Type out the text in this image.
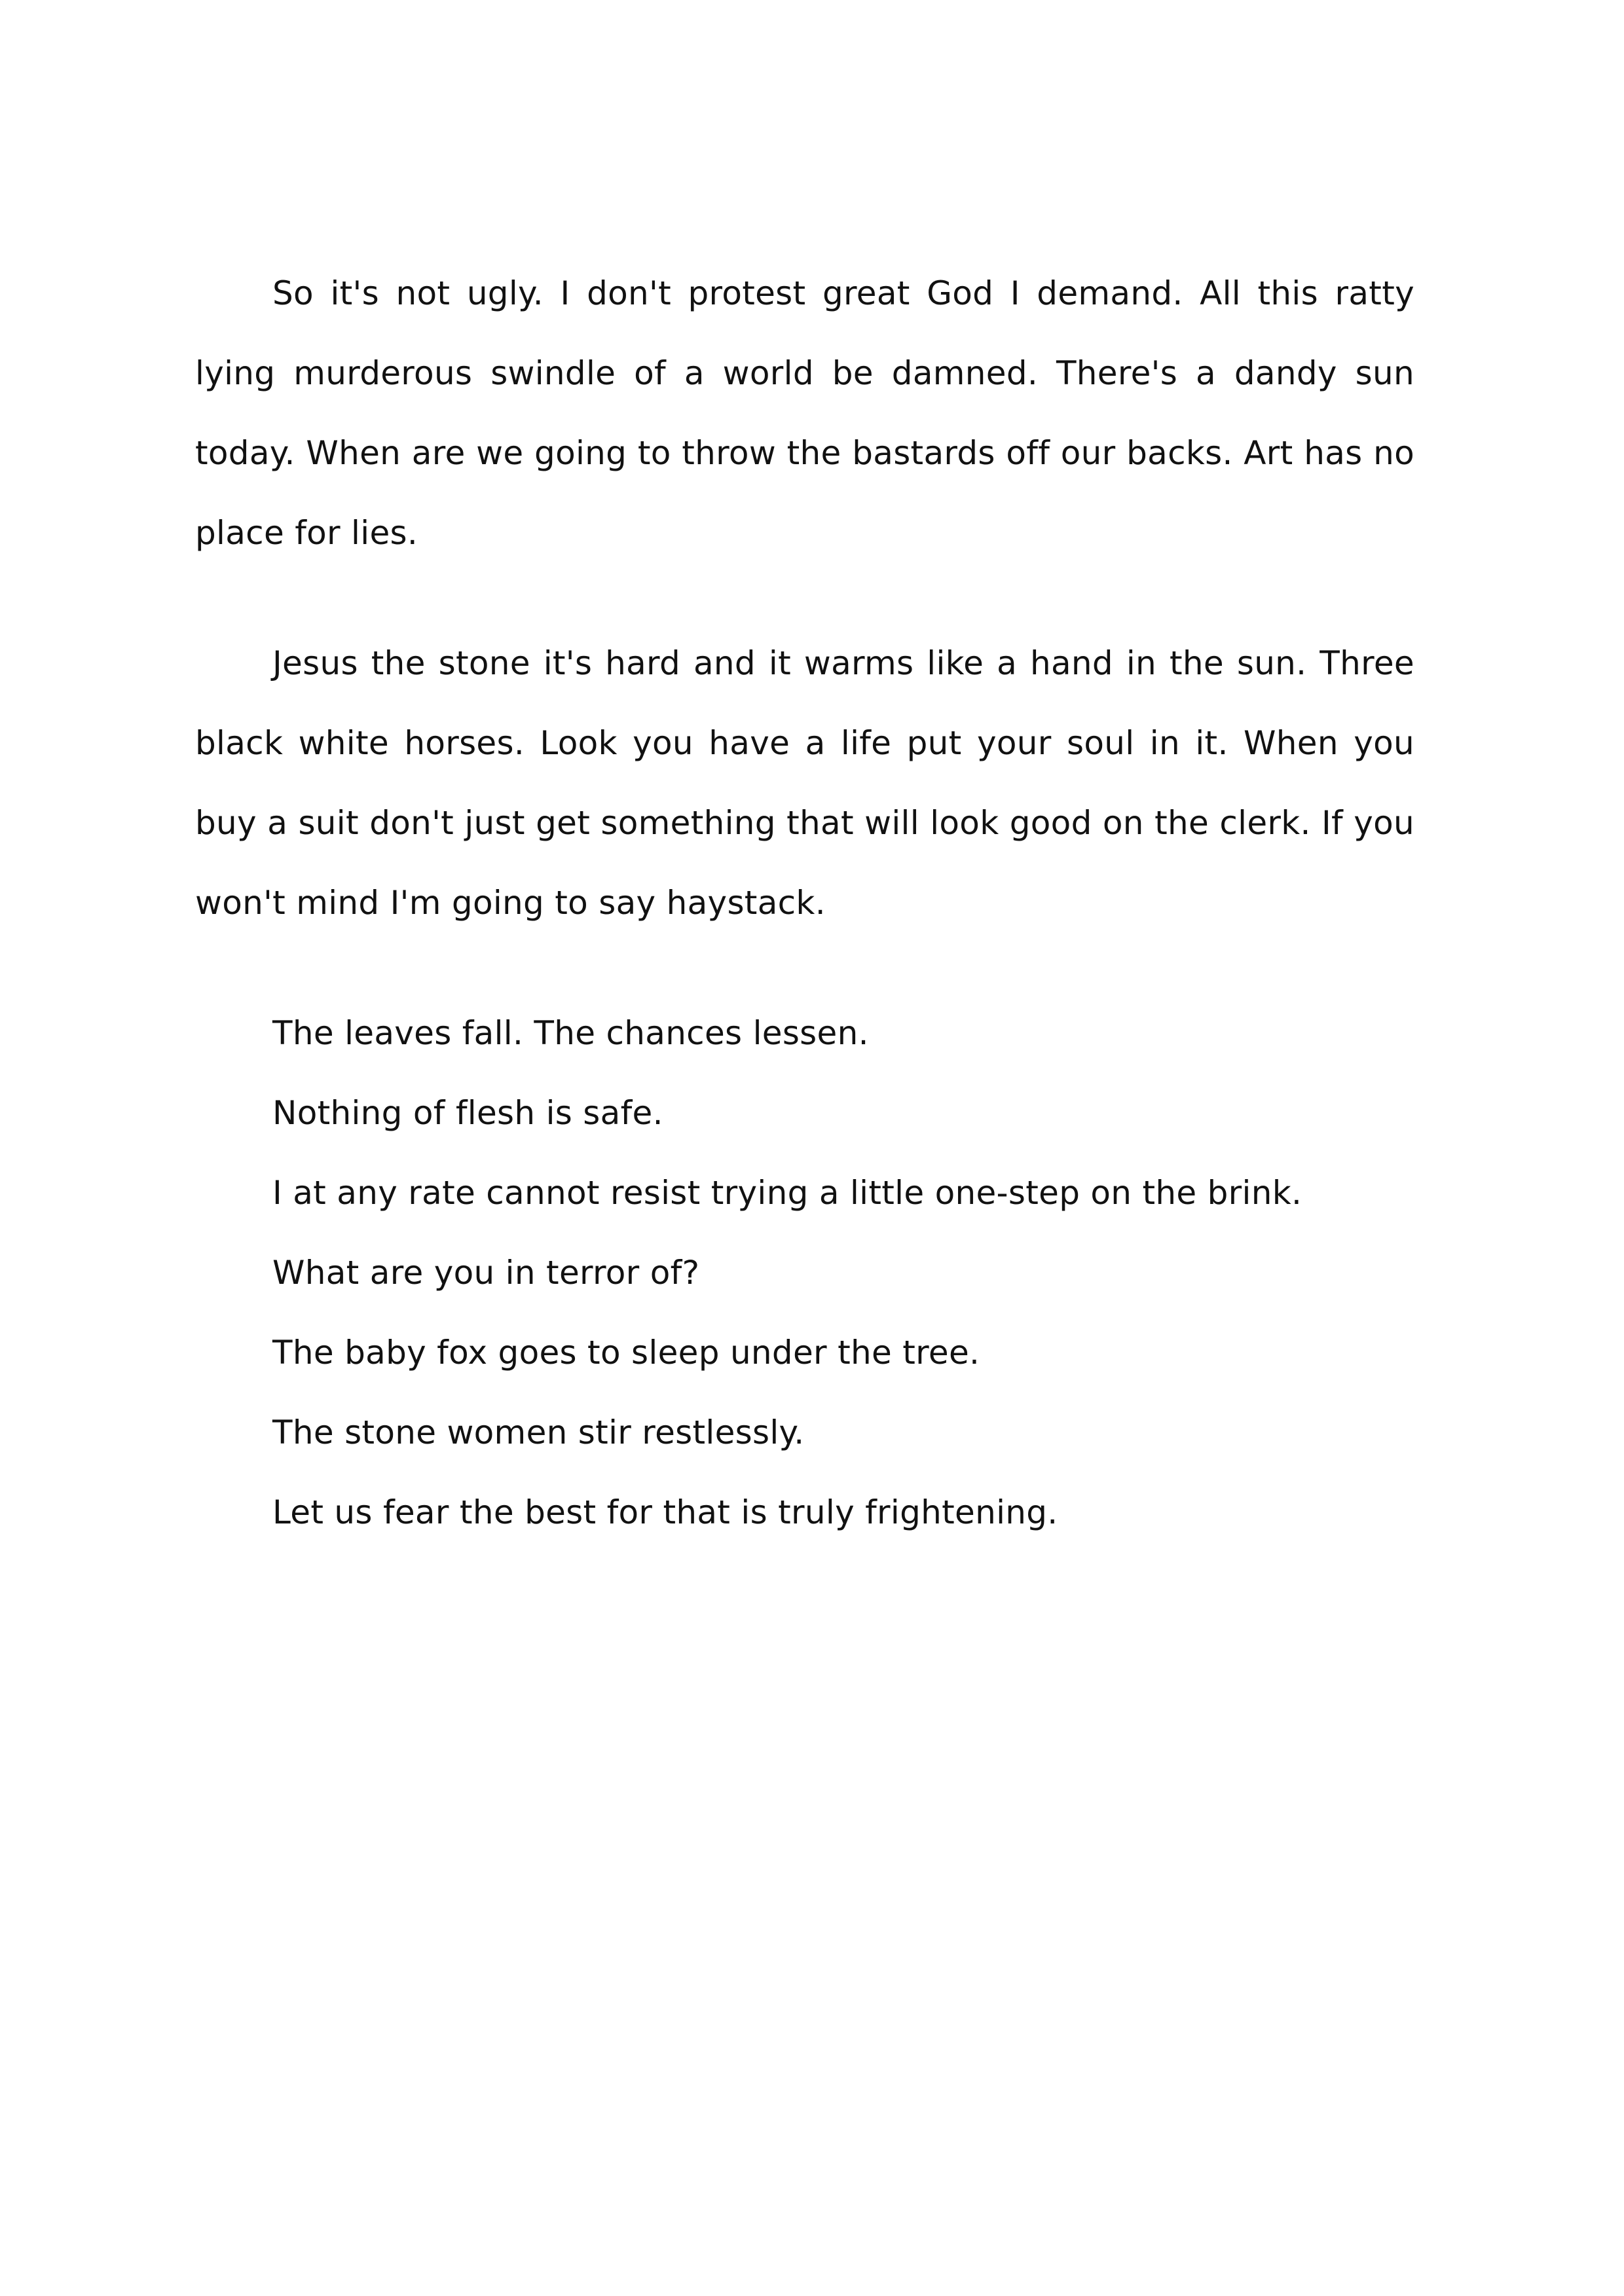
So it's not ugly. I don't protest great God I demand. All this ratty lying murderous swindle of a world be damned. There's a dandy sun today. When are we going to throw the bastards off our backs. Art has no place for lies.

Jesus the stone it's hard and it warms like a hand in the sun. Three black white horses. Look you have a life put your soul in it. When you buy a suit don't just get something that will look good on the clerk. If you won't mind I'm going to say haystack.

The leaves fall. The chances lessen.
Nothing of flesh is safe.
I at any rate cannot resist trying a little one-step on the brink.
What are you in terror of?
The baby fox goes to sleep under the tree.
The stone women stir restlessly.
Let us fear the best for that is truly frightening.
